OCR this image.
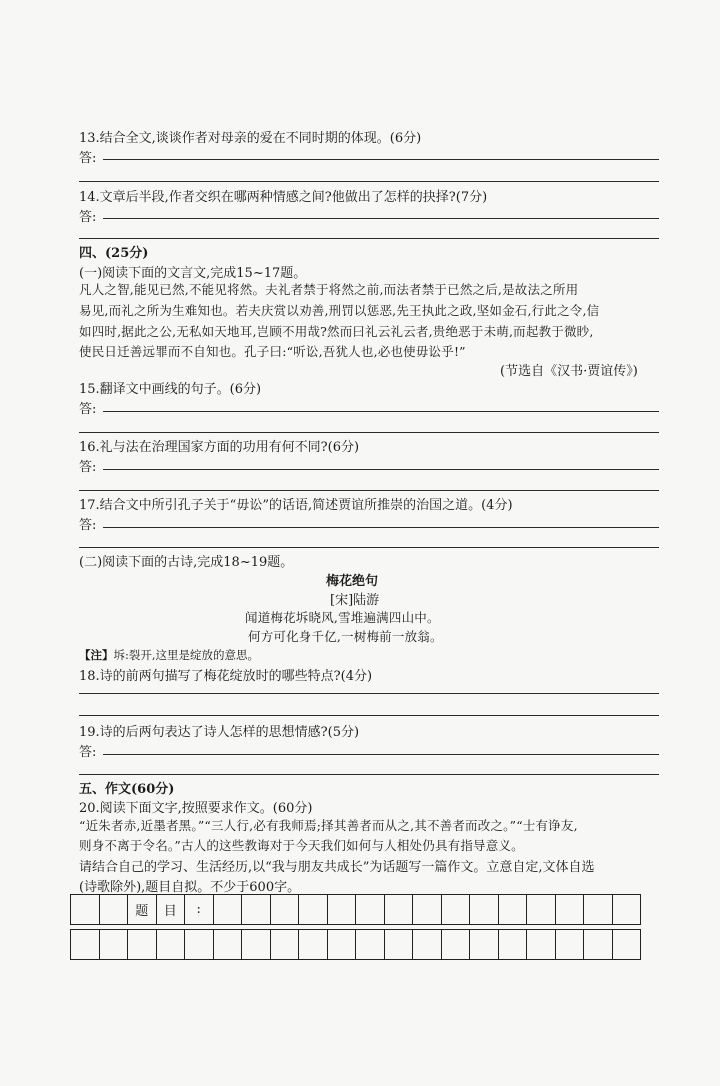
13.结合全文,谈谈作者对母亲的爱在不同时期的体现。(6分)
答:
14.文章后半段,作者交织在哪两种情感之间?他做出了怎样的抉择?(7分)
答:
四、(25分)
(一)阅读下面的文言文,完成15~17题。
凡人之智,能见已然,不能见将然。夫礼者禁于将然之前,而法者禁于已然之后,是故法之所用
易见,而礼之所为生难知也。若夫庆赏以劝善,刑罚以惩恶,先王执此之政,坚如金石,行此之令,信
如四时,据此之公,无私如天地耳,岂顾不用哉?然而曰礼云礼云者,贵绝恶于未萌,而起教于微眇,
使民日迁善远罪而不自知也。孔子曰:“听讼,吾犹人也,必也使毋讼乎!”
(节选自《汉书·贾谊传》)
15.翻译文中画线的句子。(6分)
答:
16.礼与法在治理国家方面的功用有何不同?(6分)
答:
17.结合文中所引孔子关于“毋讼”的话语,简述贾谊所推崇的治国之道。(4分)
答:
(二)阅读下面的古诗,完成18~19题。
梅花绝句
[宋]陆游
闻道梅花坼晓风,雪堆遍满四山中。
何方可化身千亿,一树梅前一放翁。
【注】坼:裂开,这里是绽放的意思。
18.诗的前两句描写了梅花绽放时的哪些特点?(4分)
19.诗的后两句表达了诗人怎样的思想情感?(5分)
答:
五、作文(60分)
20.阅读下面文字,按照要求作文。(60分)
“近朱者赤,近墨者黑。”“三人行,必有我师焉;择其善者而从之,其不善者而改之。”“士有诤友,
则身不离于令名。”古人的这些教诲对于今天我们如何与人相处仍具有指导意义。
请结合自己的学习、生活经历,以“我与朋友共成长”为话题写一篇作文。立意自定,文体自选
(诗歌除外),题目自拟。不少于600字。
题	目	:
